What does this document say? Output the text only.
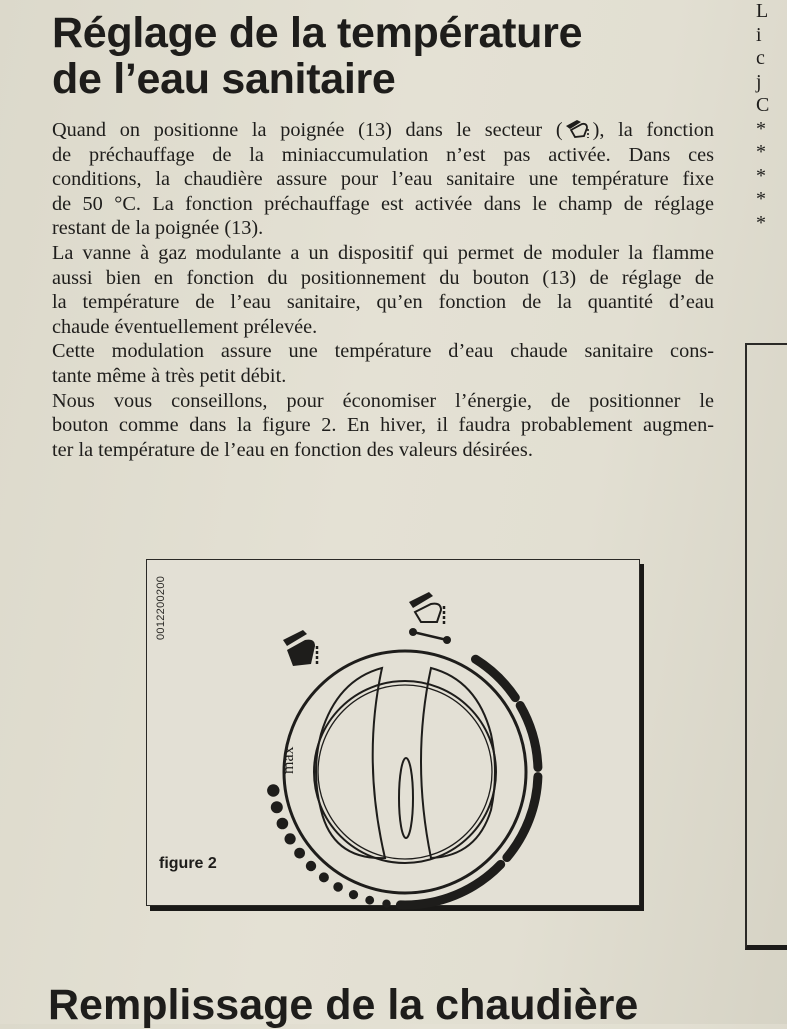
Réglage de la température
de l’eau sanitaire

Quand on positionne la poignée (13) dans le secteur ( ), la fonction
de préchauffage de la miniaccumulation n’est pas activée. Dans ces
conditions, la chaudière assure pour l’eau sanitaire une température fixe
de 50 °C. La fonction préchauffage est activée dans le champ de réglage
restant de la poignée (13).

La vanne à gaz modulante a un dispositif qui permet de moduler la flamme
aussi bien en fonction du positionnement du bouton (13) de réglage de
la température de l’eau sanitaire, qu’en fonction de la quantité d’eau
chaude éventuellement prélevée.

Cette modulation assure une température d’eau chaude sanitaire cons-
tante même à très petit débit.

Nous vous conseillons, pour économiser l’énergie, de positionner le
bouton comme dans la figure 2. En hiver, il faudra probablement augmen-
ter la température de l’eau en fonction des valeurs désirées.

L
i
c
j
C
*
*
*
*
*
0012200200
figure 2
max
Remplissage de la chaudière
